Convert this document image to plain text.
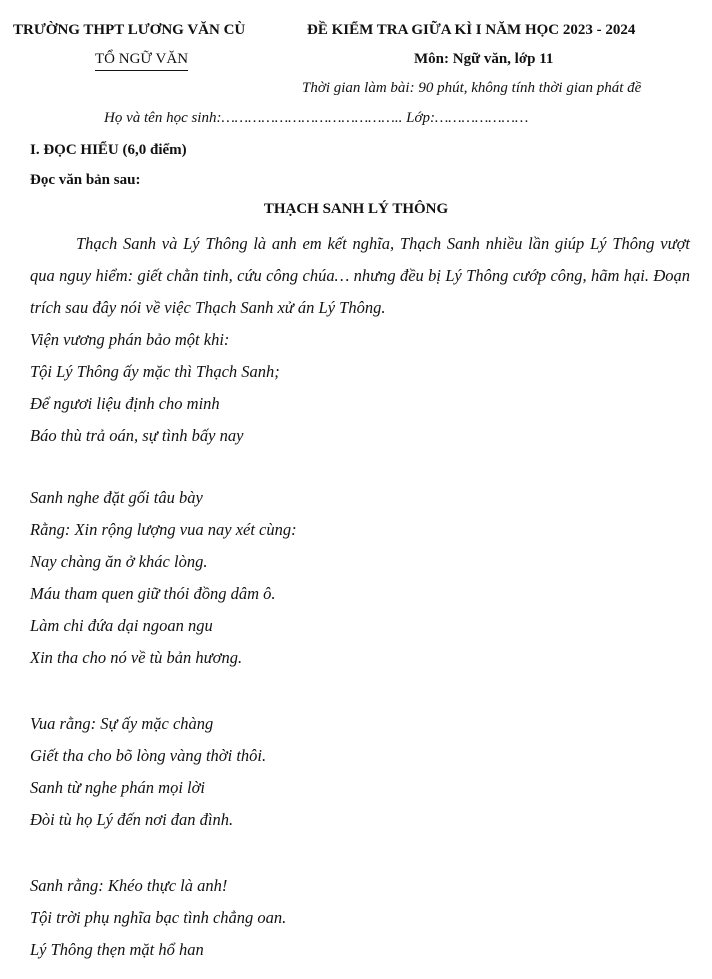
TRƯỜNG THPT LƯƠNG VĂN CÙ	ĐỀ KIỂM TRA GIỮA KÌ I NĂM HỌC 2023 - 2024
TỔ NGỮ VĂN	Môn: Ngữ văn, lớp 11
Thời gian làm bài: 90 phút, không tính thời gian phát đề
Họ và tên học sinh:………………………………….. Lớp:…………………
I. ĐỌC HIỂU (6,0 điểm)
Đọc văn bản sau:
THẠCH SANH LÝ THÔNG
Thạch Sanh và Lý Thông là anh em kết nghĩa, Thạch Sanh nhiều lần giúp Lý Thông vượt qua nguy hiểm: giết chằn tinh, cứu công chúa… nhưng đều bị Lý Thông cướp công, hãm hại. Đoạn trích sau đây nói về việc Thạch Sanh xử án Lý Thông.
Viện vương phán bảo một khi:
Tội Lý Thông ấy mặc thì Thạch Sanh;
Để ngươi liệu định cho minh
Báo thù trả oán, sự tình bấy nay
Sanh nghe đặt gối tâu bày
Rằng: Xin rộng lượng vua nay xét cùng:
Nay chàng ăn ở khác lòng.
Máu tham quen giữ thói đồng dâm ô.
Làm chi đứa dại ngoan ngu
Xin tha cho nó về tù bản hương.
Vua rằng: Sự ấy mặc chàng
Giết tha cho bõ lòng vàng thời thôi.
Sanh từ nghe phán mọi lời
Đòi tù họ Lý đến nơi đan đình.
Sanh rằng: Khéo thực là anh!
Tội trời phụ nghĩa bạc tình chẳng oan.
Lý Thông thẹn mặt hổ han
